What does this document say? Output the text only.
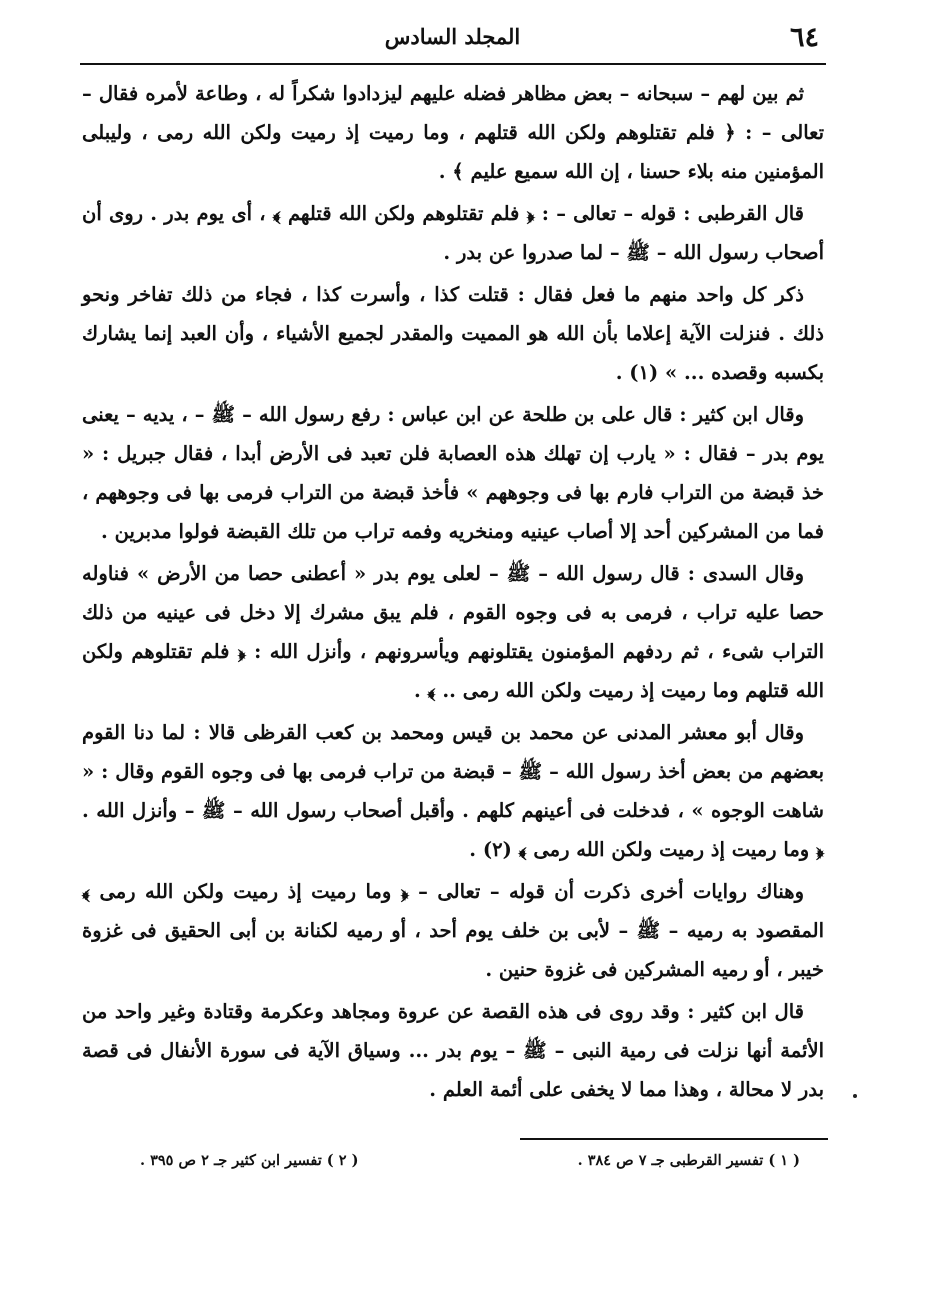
٦٤
المجلد السادس

ثم بين لهم – سبحانه – بعض مظاهر فضله عليهم ليزدادوا شكراً له ، وطاعة لأمره فقال – تعالى – : ﴿ فلم تقتلوهم ولكن الله قتلهم ، وما رميت إذ رميت ولكن الله رمى ، وليبلى المؤمنين منه بلاء حسنا ، إن الله سميع عليم ﴾ .

قال القرطبى : قوله – تعالى – : ﴿ فلم تقتلوهم ولكن الله قتلهم ﴾ ، أى يوم بدر . روى أن أصحاب رسول الله – ﷺ – لما صدروا عن بدر .

ذكر كل واحد منهم ما فعل فقال : قتلت كذا ، وأسرت كذا ، فجاء من ذلك تفاخر ونحو ذلك . فنزلت الآية إعلاما بأن الله هو المميت والمقدر لجميع الأشياء ، وأن العبد إنما يشارك بكسبه وقصده ... » (١) .

وقال ابن كثير : قال على بن طلحة عن ابن عباس : رفع رسول الله – ﷺ – ، يديه – يعنى يوم بدر – فقال : « يارب إن تهلك هذه العصابة فلن تعبد فى الأرض أبدا ، فقال جبريل : « خذ قبضة من التراب فارم بها فى وجوههم » فأخذ قبضة من التراب فرمى بها فى وجوههم ، فما من المشركين أحد إلا أصاب عينيه ومنخريه وفمه تراب من تلك القبضة فولوا مدبرين .

وقال السدى : قال رسول الله – ﷺ – لعلى يوم بدر « أعطنى حصا من الأرض » فناوله حصا عليه تراب ، فرمى به فى وجوه القوم ، فلم يبق مشرك إلا دخل فى عينيه من ذلك التراب شىء ، ثم ردفهم المؤمنون يقتلونهم ويأسرونهم ، وأنزل الله : ﴿ فلم تقتلوهم ولكن الله قتلهم وما رميت إذ رميت ولكن الله رمى .. ﴾ .

وقال أبو معشر المدنى عن محمد بن قيس ومحمد بن كعب القرظى قالا : لما دنا القوم بعضهم من بعض أخذ رسول الله – ﷺ – قبضة من تراب فرمى بها فى وجوه القوم وقال : « شاهت الوجوه » ، فدخلت فى أعينهم كلهم . وأقبل أصحاب رسول الله – ﷺ – وأنزل الله . ﴿ وما رميت إذ رميت ولكن الله رمى ﴾ (٢) .

وهناك روايات أخرى ذكرت أن قوله – تعالى – ﴿ وما رميت إذ رميت ولكن الله رمى ﴾ المقصود به رميه – ﷺ – لأبى بن خلف يوم أحد ، أو رميه لكنانة بن أبى الحقيق فى غزوة خيبر ، أو رميه المشركين فى غزوة حنين .

قال ابن كثير : وقد روى فى هذه القصة عن عروة ومجاهد وعكرمة وقتادة وغير واحد من الأئمة أنها نزلت فى رمية النبى – ﷺ – يوم بدر ... وسياق الآية فى سورة الأنفال فى قصة بدر لا محالة ، وهذا مما لا يخفى على أئمة العلم .

( ١ ) تفسير القرطبى جـ ٧ ص ٣٨٤ .
( ٢ ) تفسير ابن كثير جـ ٢ ص ٣٩٥ .
